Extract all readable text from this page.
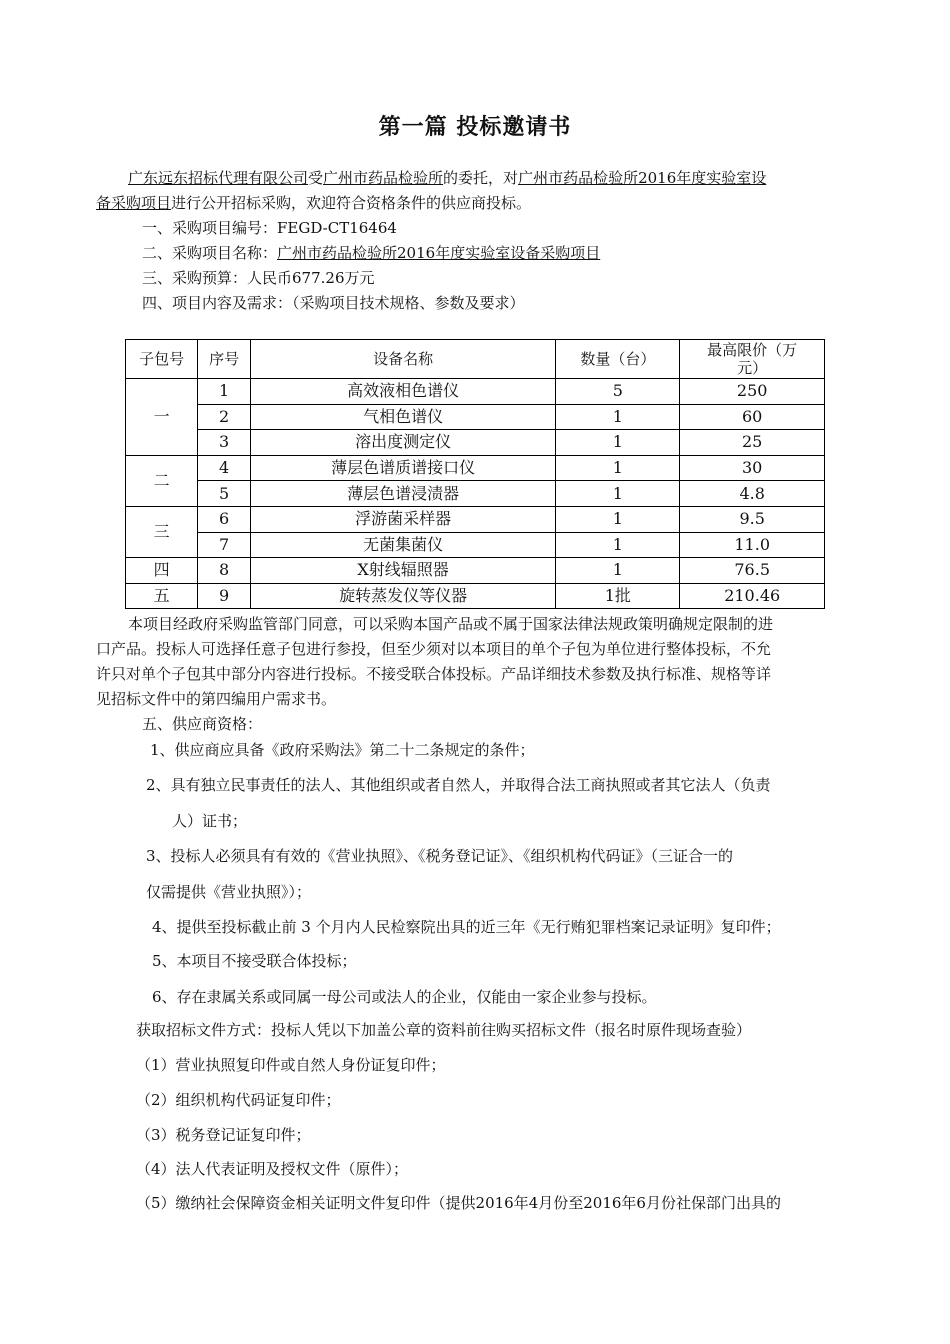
第一篇 投标邀请书
广东远东招标代理有限公司受广州市药品检验所的委托，对广州市药品检验所2016年度实验室设
备采购项目进行公开招标采购，欢迎符合资格条件的供应商投标。
一、采购项目编号：FEGD-CT16464
二、采购项目名称：广州市药品检验所2016年度实验室设备采购项目
三、采购预算：人民币677.26万元
四、项目内容及需求：（采购项目技术规格、参数及要求）
子包号	序号	设备名称	数量（台）	最高限价（万元）
一	1	高效液相色谱仪	5	250
	2	气相色谱仪	1	60
	3	溶出度测定仪	1	25
二	4	薄层色谱质谱接口仪	1	30
	5	薄层色谱浸渍器	1	4.8
三	6	浮游菌采样器	1	9.5
	7	无菌集菌仪	1	11.0
四	8	X射线辐照器	1	76.5
五	9	旋转蒸发仪等仪器	1批	210.46
本项目经政府采购监管部门同意，可以采购本国产品或不属于国家法律法规政策明确规定限制的进
口产品。投标人可选择任意子包进行参投，但至少须对以本项目的单个子包为单位进行整体投标，不允
许只对单个子包其中部分内容进行投标。不接受联合体投标。产品详细技术参数及执行标准、规格等详
见招标文件中的第四编用户需求书。
五、供应商资格：
1、供应商应具备《政府采购法》第二十二条规定的条件；
2、具有独立民事责任的法人、其他组织或者自然人，并取得合法工商执照或者其它法人（负责
人）证书；
3、投标人必须具有有效的《营业执照》、《税务登记证》、《组织机构代码证》（三证合一的
仅需提供《营业执照》）；
4、提供至投标截止前 3 个月内人民检察院出具的近三年《无行贿犯罪档案记录证明》复印件；
5、本项目不接受联合体投标；
6、存在隶属关系或同属一母公司或法人的企业，仅能由一家企业参与投标。
获取招标文件方式：投标人凭以下加盖公章的资料前往购买招标文件（报名时原件现场查验）
（1）营业执照复印件或自然人身份证复印件；
（2）组织机构代码证复印件；
（3）税务登记证复印件；
（4）法人代表证明及授权文件（原件）；
（5）缴纳社会保障资金相关证明文件复印件（提供2016年4月份至2016年6月份社保部门出具的
